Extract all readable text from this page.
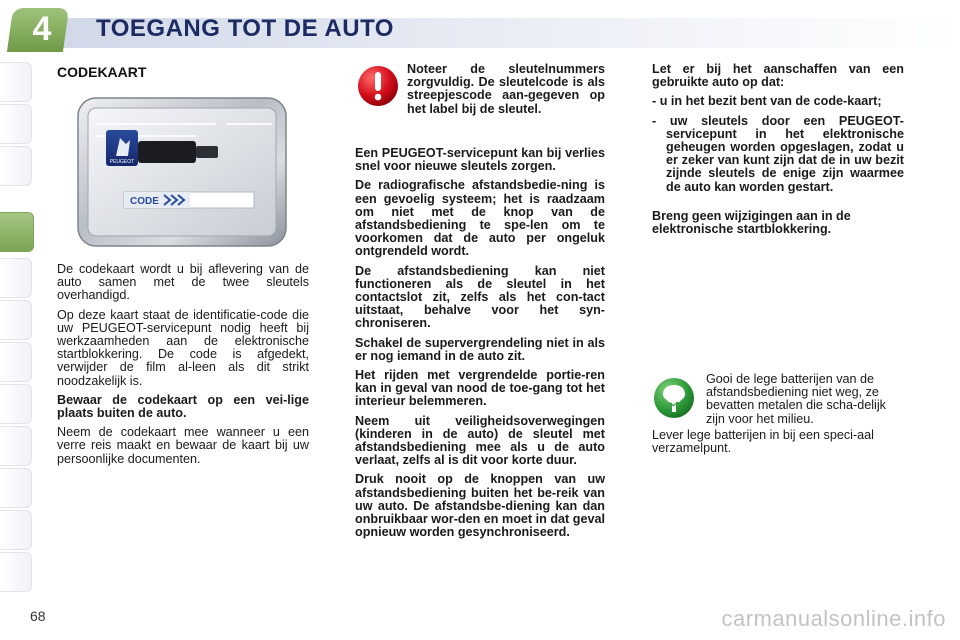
4	TOEGANG TOT DE AUTO
CODEKAART
PEUGEOT
CODE

De codekaart wordt u bij aflevering van de auto samen met de twee sleutels overhandigd.

Op deze kaart staat de identificatie-code die uw PEUGEOT-servicepunt nodig heeft bij werkzaamheden aan de elektronische startblokkering. De code is afgedekt, verwijder de film al-leen als dit strikt noodzakelijk is.

Bewaar de codekaart op een vei-lige plaats buiten de auto.

Neem de codekaart mee wanneer u een verre reis maakt en bewaar de kaart bij uw persoonlijke documenten.

Noteer de sleutelnummers zorgvuldig. De sleutelcode is als streepjescode aan-gegeven op het label bij de sleutel.

Een PEUGEOT-servicepunt kan bij verlies snel voor nieuwe sleutels zorgen.

De radiografische afstandsbedie-ning is een gevoelig systeem; het is raadzaam om niet met de knop van de afstandsbediening te spe-len om te voorkomen dat de auto per ongeluk ontgrendeld wordt.

De afstandsbediening kan niet functioneren als de sleutel in het contactslot zit, zelfs als het con-tact uitstaat, behalve voor het syn-chroniseren.

Schakel de supervergrendeling niet in als er nog iemand in de auto zit.

Het rijden met vergrendelde portie-ren kan in geval van nood de toe-gang tot het interieur belemmeren.

Neem uit veiligheidsoverwegingen (kinderen in de auto) de sleutel met afstandsbediening mee als u de auto verlaat, zelfs al is dit voor korte duur.

Druk nooit op de knoppen van uw afstandsbediening buiten het be-reik van uw auto. De afstandsbe-diening kan dan onbruikbaar wor-den en moet in dat geval opnieuw worden gesynchroniseerd.

Let er bij het aanschaffen van een gebruikte auto op dat:

- u in het bezit bent van de code-kaart;

- uw sleutels door een PEUGEOT-servicepunt in het elektronische geheugen worden opgeslagen, zodat u er zeker van kunt zijn dat de in uw bezit zijnde sleutels de enige zijn waarmee de auto kan worden gestart.

Breng geen wijzigingen aan in de elektronische startblokkering.

Gooi de lege batterijen van de afstandsbediening niet weg, ze bevatten metalen die scha-delijk zijn voor het milieu.
Lever lege batterijen in bij een speci-aal verzamelpunt.
68	carmanualsonline.info
